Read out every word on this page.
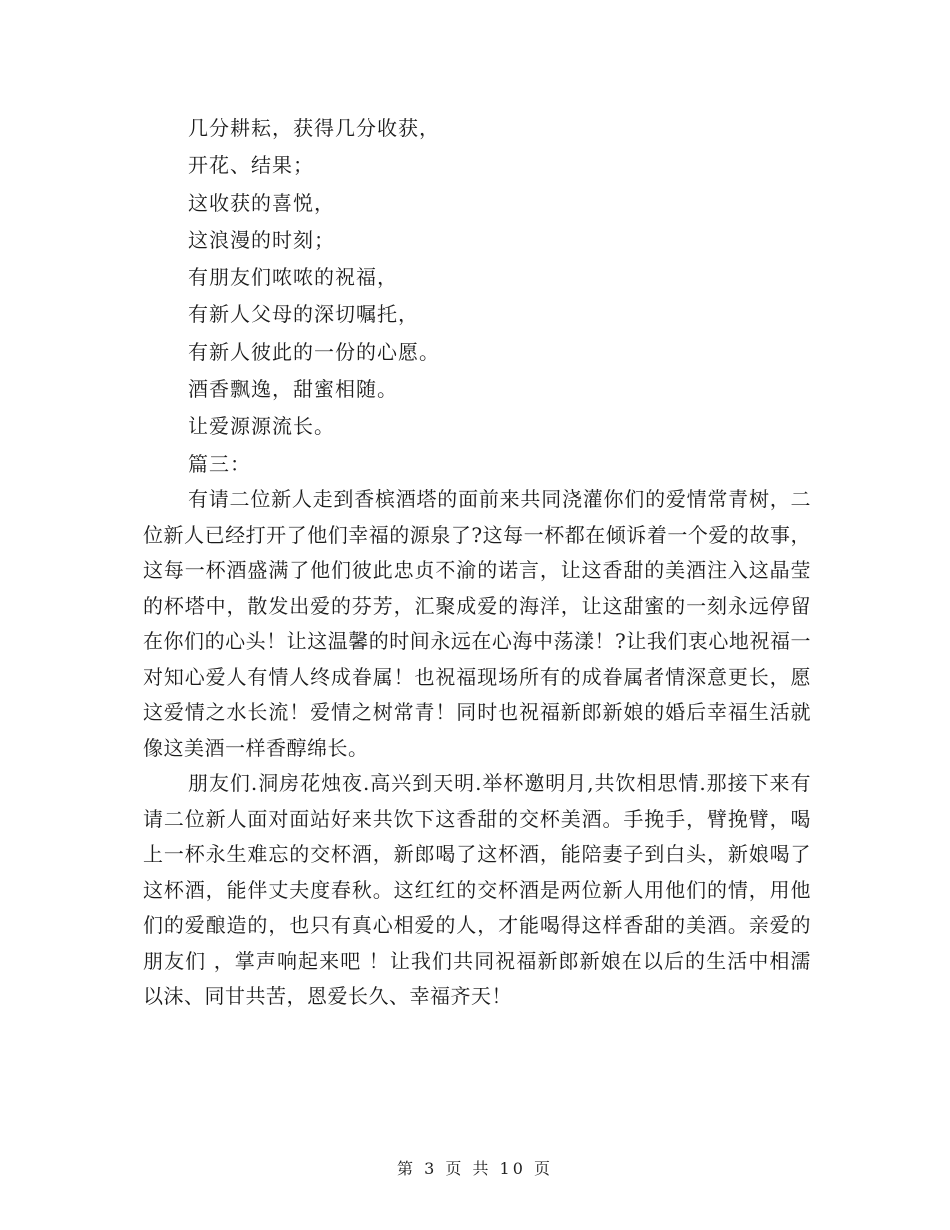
几分耕耘，获得几分收获，
开花、结果；
这收获的喜悦，
这浪漫的时刻；
有朋友们哝哝的祝福，
有新人父母的深切嘱托，
有新人彼此的一份的心愿。
酒香飘逸，甜蜜相随。
让爱源源流长。
篇三：

有请二位新人走到香槟酒塔的面前来共同浇灌你们的爱情常青树，二位新人已经打开了他们幸福的源泉了?这每一杯都在倾诉着一个爱的故事，这每一杯酒盛满了他们彼此忠贞不渝的诺言，让这香甜的美酒注入这晶莹的杯塔中，散发出爱的芬芳，汇聚成爱的海洋，让这甜蜜的一刻永远停留在你们的心头！让这温馨的时间永远在心海中荡漾！?让我们衷心地祝福一对知心爱人有情人终成眷属！也祝福现场所有的成眷属者情深意更长，愿这爱情之水长流！爱情之树常青！同时也祝福新郎新娘的婚后幸福生活就像这美酒一样香醇绵长。

朋友们.洞房花烛夜.高兴到天明.举杯邀明月,共饮相思情.那接下来有请二位新人面对面站好来共饮下这香甜的交杯美酒。手挽手，臂挽臂，喝上一杯永生难忘的交杯酒，新郎喝了这杯酒，能陪妻子到白头，新娘喝了这杯酒，能伴丈夫度春秋。这红红的交杯酒是两位新人用他们的情，用他们的爱酿造的，也只有真心相爱的人，才能喝得这样香甜的美酒。亲爱的朋友们 ，掌声响起来吧 ！让我们共同祝福新郎新娘在以后的生活中相濡以沫、同甘共苦，恩爱长久、幸福齐天！

第 3 页 共 10 页
